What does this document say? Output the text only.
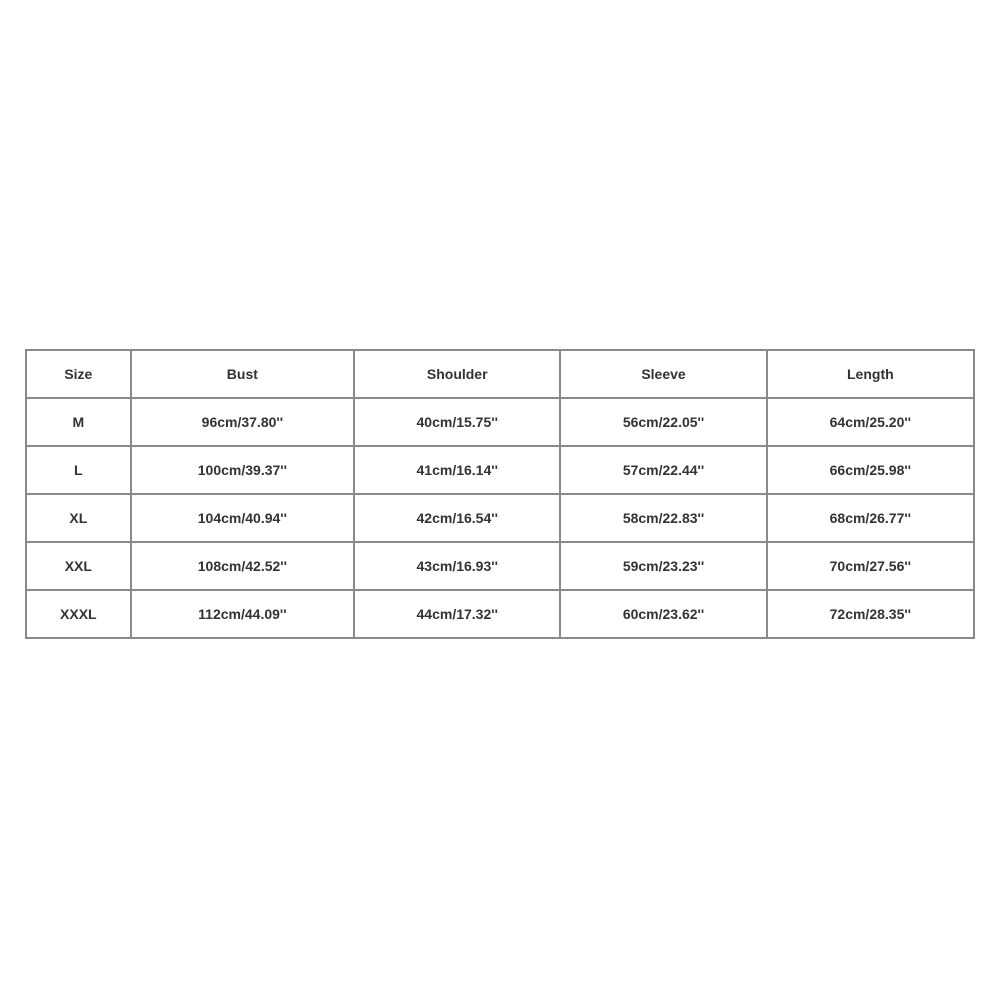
Size	Bust	Shoulder	Sleeve	Length
M	96cm/37.80''	40cm/15.75''	56cm/22.05''	64cm/25.20''
L	100cm/39.37''	41cm/16.14''	57cm/22.44''	66cm/25.98''
XL	104cm/40.94''	42cm/16.54''	58cm/22.83''	68cm/26.77''
XXL	108cm/42.52''	43cm/16.93''	59cm/23.23''	70cm/27.56''
XXXL	112cm/44.09''	44cm/17.32''	60cm/23.62''	72cm/28.35''
